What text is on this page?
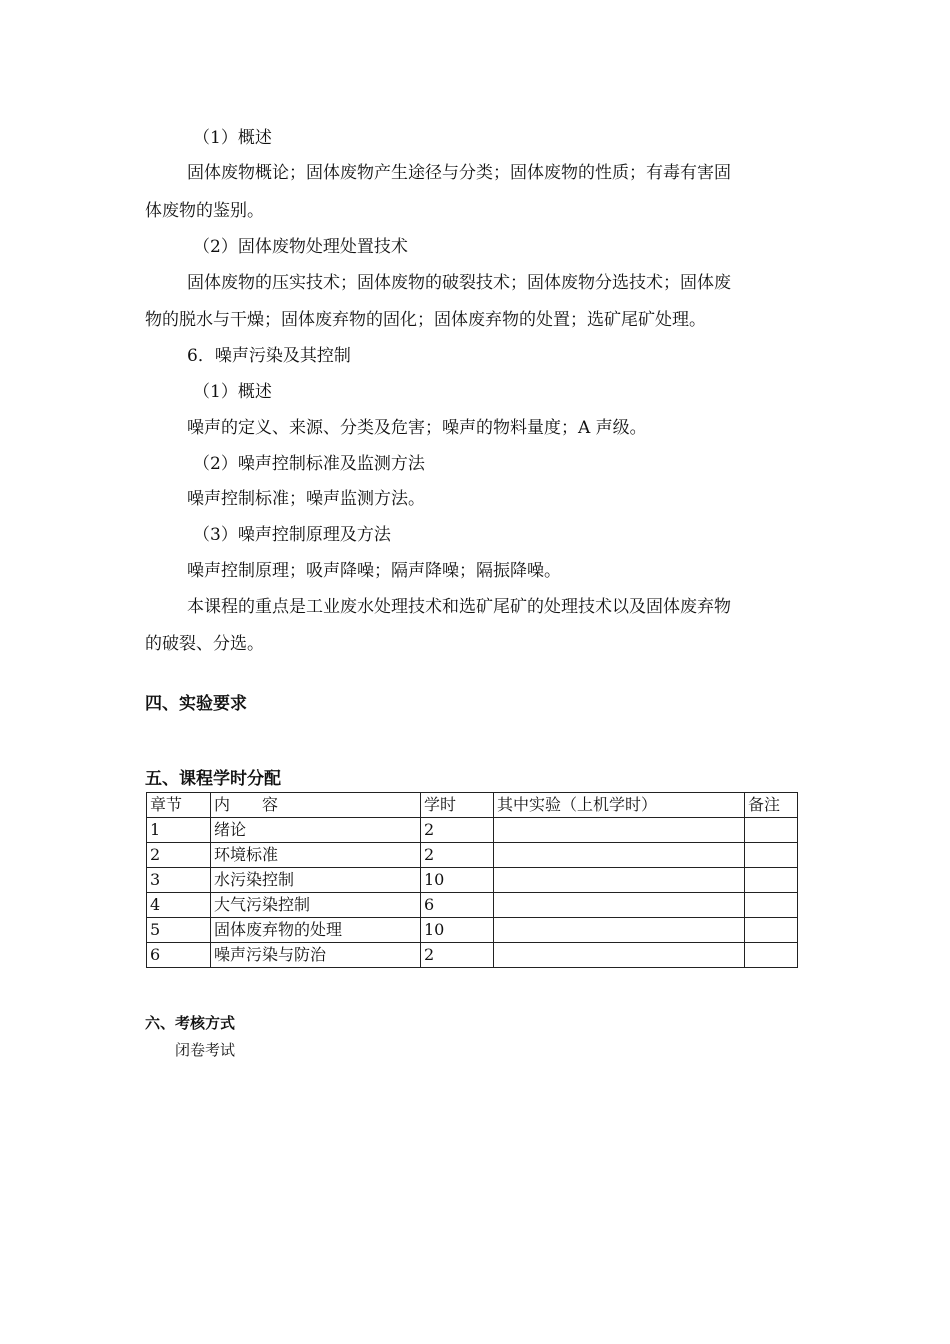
（1）概述
固体废物概论；固体废物产生途径与分类；固体废物的性质；有毒有害固
体废物的鉴别。
（2）固体废物处理处置技术
固体废物的压实技术；固体废物的破裂技术；固体废物分选技术；固体废
物的脱水与干燥；固体废弃物的固化；固体废弃物的处置；选矿尾矿处理。
6．噪声污染及其控制
（1）概述
噪声的定义、来源、分类及危害；噪声的物料量度；A 声级。
（2）噪声控制标准及监测方法
噪声控制标准；噪声监测方法。
（3）噪声控制原理及方法
噪声控制原理；吸声降噪；隔声降噪；隔振降噪。
本课程的重点是工业废水处理技术和选矿尾矿的处理技术以及固体废弃物
的破裂、分选。
四、实验要求
五、课程学时分配
章节	内　　容	学时	其中实验（上机学时）	备注
1	绪论	2		
2	环境标准	2		
3	水污染控制	10		
4	大气污染控制	6		
5	固体废弃物的处理	10		
6	噪声污染与防治	2		
六、考核方式
闭卷考试
